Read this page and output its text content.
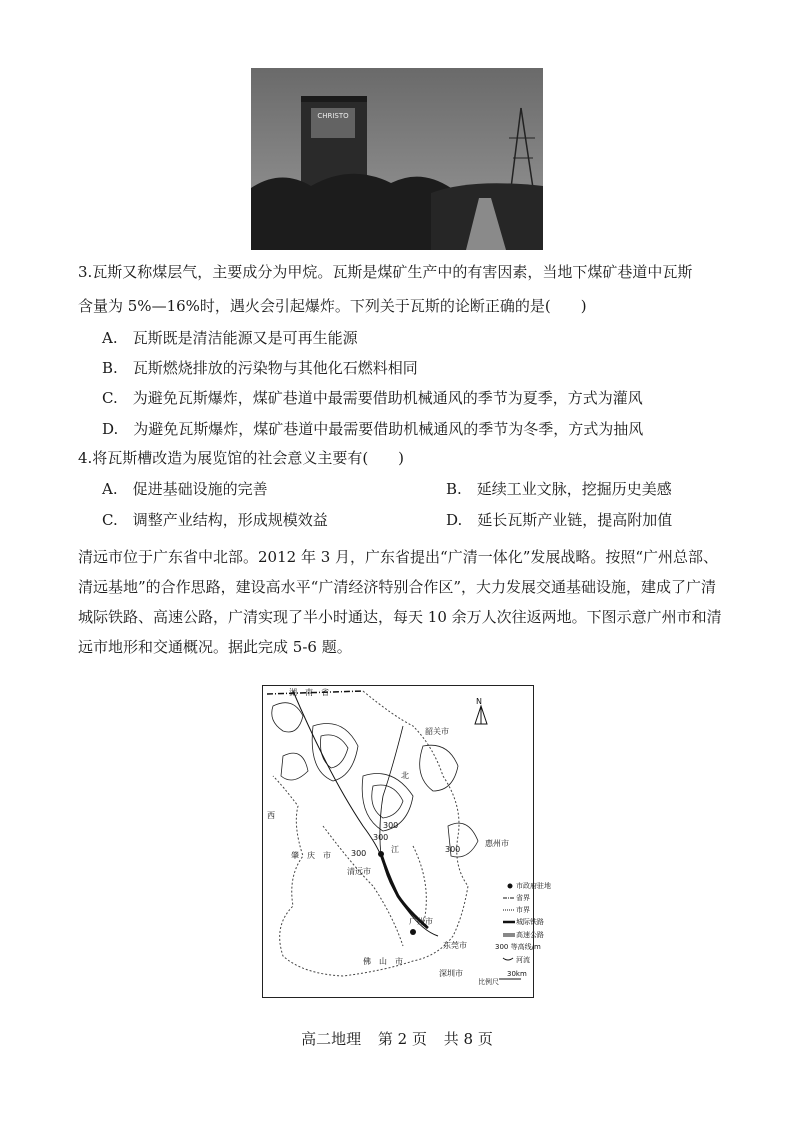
CHRISTO
3.瓦斯又称煤层气，主要成分为甲烷。瓦斯是煤矿生产中的有害因素，当地下煤矿巷道中瓦斯
含量为 5%—16%时，遇火会引起爆炸。下列关于瓦斯的论断正确的是(　　)
A.　瓦斯既是清洁能源又是可再生能源
B.　瓦斯燃烧排放的污染物与其他化石燃料相同
C.　为避免瓦斯爆炸，煤矿巷道中最需要借助机械通风的季节为夏季，方式为灌风
D.　为避免瓦斯爆炸，煤矿巷道中最需要借助机械通风的季节为冬季，方式为抽风
4.将瓦斯槽改造为展览馆的社会意义主要有(　　)
A.　促进基础设施的完善	B.　延续工业文脉，挖掘历史美感
C.　调整产业结构，形成规模效益	D.　延长瓦斯产业链，提高附加值
清远市位于广东省中北部。2012 年 3 月，广东省提出“广清一体化”发展战略。按照“广州总部、清远基地”的合作思路，建设高水平“广清经济特别合作区”，大力发展交通基础设施，建成了广清城际铁路、高速公路，广清实现了半小时通达，每天 10 余万人次往返两地。下图示意广州市和清远市地形和交通概况。据此完成 5-6 题。
N
湖　南　省
韶关市
肇　庆　市
清远市
广州市
佛　山　市
东莞市
深圳市
惠州市
北
江
西
300
300
300
300
市政府驻地
省界
市界
城际铁路
高速公路
300 等高线/m
河流
比例尺
30km
高二地理 第 2 页 共 8 页
